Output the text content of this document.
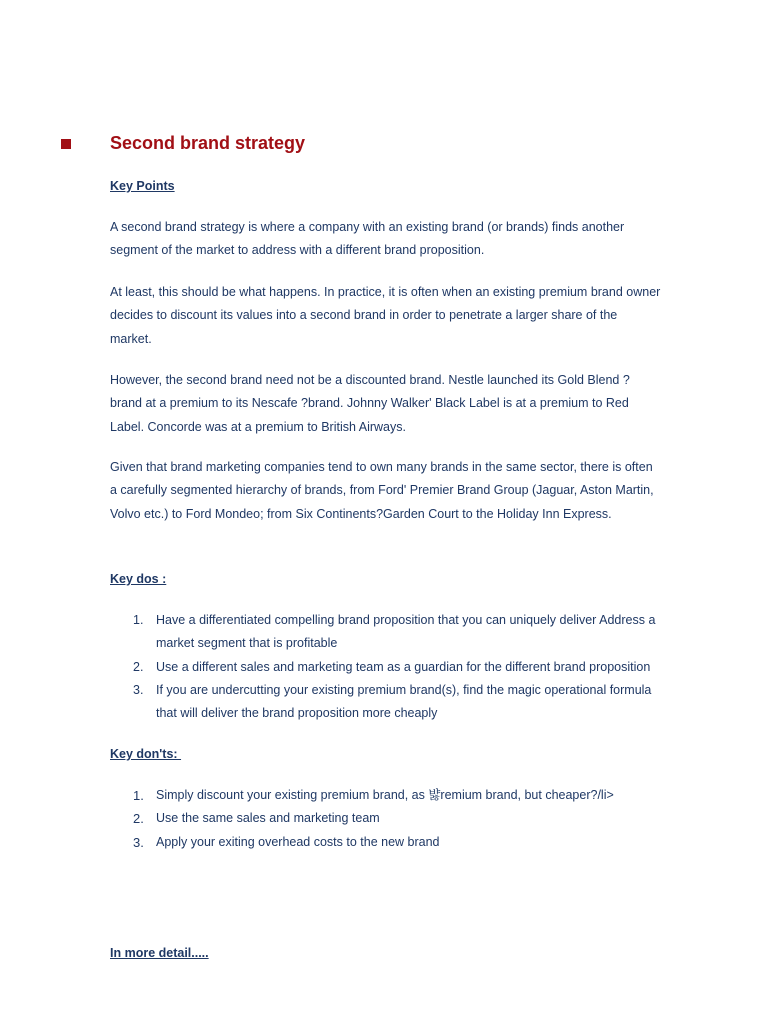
Second brand strategy
Key Points

A second brand strategy is where a company with an existing brand (or brands) finds another segment of the market to address with a different brand proposition.

At least, this should be what happens. In practice, it is often when an existing premium brand owner decides to discount its values into a second brand in order to penetrate a larger share of the market.

However, the second brand need not be a discounted brand. Nestle launched its Gold Blend ? brand at a premium to its Nescafe ?brand. Johnny Walker' Black Label is at a premium to Red Label. Concorde was at a premium to British Airways.

Given that brand marketing companies tend to own many brands in the same sector, there is often a carefully segmented hierarchy of brands, from Ford' Premier Brand Group (Jaguar, Aston Martin, Volvo etc.) to Ford Mondeo; from Six Continents?Garden Court to the Holiday Inn Express.

Key dos :
1. Have a differentiated compelling brand proposition that you can uniquely deliver Address a market segment that is profitable
2. Use a different sales and marketing team as a guardian for the different brand proposition
3. If you are undercutting your existing premium brand(s), find the magic operational formula that will deliver the brand proposition more cheaply
Key don'ts:
1. Simply discount your existing premium brand, as 뱛remium brand, but cheaper?/li>
2. Use the same sales and marketing team
3. Apply your exiting overhead costs to the new brand
In more detail.....
